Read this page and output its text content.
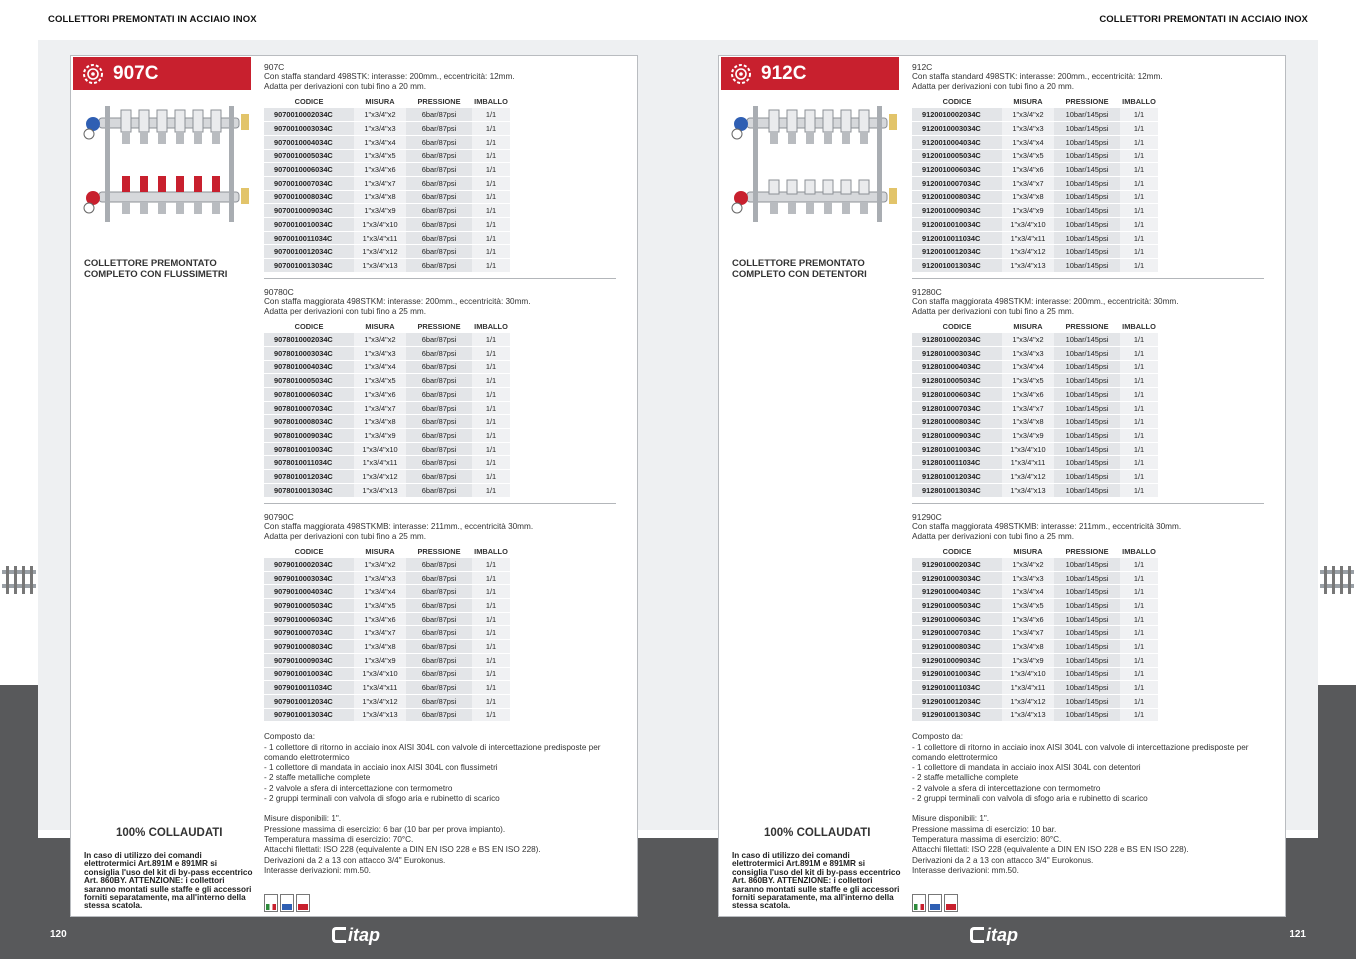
5	5
COLLETTORI PREMONTATI IN ACCIAIO INOX	COLLETTORI PREMONTATI IN ACCIAIO INOX
120	121
itap	itap
907C
COLLETTORE PREMONTATO COMPLETO CON FLUSSIMETRI
100% COLLAUDATI
In caso di utilizzo dei comandi elettrotermici Art.891M e 891MR si consiglia l'uso del kit di by-pass eccentrico Art. 860BY. ATTENZIONE: i collettori saranno montati sulle staffe e gli accessori forniti separatamente, ma all'interno della stessa scatola.
907C
Con staffa standard 498STK: interasse: 200mm., eccentricità: 12mm.
Adatta per derivazioni con tubi fino a 20 mm.
CODICE	MISURA	PRESSIONE	IMBALLO
9070010002034C	1"x3/4"x2	6bar/87psi	1/1
9070010003034C	1"x3/4"x3	6bar/87psi	1/1
9070010004034C	1"x3/4"x4	6bar/87psi	1/1
9070010005034C	1"x3/4"x5	6bar/87psi	1/1
9070010006034C	1"x3/4"x6	6bar/87psi	1/1
9070010007034C	1"x3/4"x7	6bar/87psi	1/1
9070010008034C	1"x3/4"x8	6bar/87psi	1/1
9070010009034C	1"x3/4"x9	6bar/87psi	1/1
9070010010034C	1"x3/4"x10	6bar/87psi	1/1
9070010011034C	1"x3/4"x11	6bar/87psi	1/1
9070010012034C	1"x3/4"x12	6bar/87psi	1/1
9070010013034C	1"x3/4"x13	6bar/87psi	1/1
90780C
Con staffa maggiorata 498STKM: interasse: 200mm., eccentricità: 30mm.
Adatta per derivazioni con tubi fino a 25 mm.
CODICE	MISURA	PRESSIONE	IMBALLO
9078010002034C	1"x3/4"x2	6bar/87psi	1/1
9078010003034C	1"x3/4"x3	6bar/87psi	1/1
9078010004034C	1"x3/4"x4	6bar/87psi	1/1
9078010005034C	1"x3/4"x5	6bar/87psi	1/1
9078010006034C	1"x3/4"x6	6bar/87psi	1/1
9078010007034C	1"x3/4"x7	6bar/87psi	1/1
9078010008034C	1"x3/4"x8	6bar/87psi	1/1
9078010009034C	1"x3/4"x9	6bar/87psi	1/1
9078010010034C	1"x3/4"x10	6bar/87psi	1/1
9078010011034C	1"x3/4"x11	6bar/87psi	1/1
9078010012034C	1"x3/4"x12	6bar/87psi	1/1
9078010013034C	1"x3/4"x13	6bar/87psi	1/1
90790C
Con staffa maggiorata 498STKMB: interasse: 211mm., eccentricità 30mm.
Adatta per derivazioni con tubi fino a 25 mm.
CODICE	MISURA	PRESSIONE	IMBALLO
9079010002034C	1"x3/4"x2	6bar/87psi	1/1
9079010003034C	1"x3/4"x3	6bar/87psi	1/1
9079010004034C	1"x3/4"x4	6bar/87psi	1/1
9079010005034C	1"x3/4"x5	6bar/87psi	1/1
9079010006034C	1"x3/4"x6	6bar/87psi	1/1
9079010007034C	1"x3/4"x7	6bar/87psi	1/1
9079010008034C	1"x3/4"x8	6bar/87psi	1/1
9079010009034C	1"x3/4"x9	6bar/87psi	1/1
9079010010034C	1"x3/4"x10	6bar/87psi	1/1
9079010011034C	1"x3/4"x11	6bar/87psi	1/1
9079010012034C	1"x3/4"x12	6bar/87psi	1/1
9079010013034C	1"x3/4"x13	6bar/87psi	1/1
Composto da:
- 1 collettore di ritorno in acciaio inox AISI 304L con valvole di intercettazione predisposte per comando elettrotermico
- 1 collettore di mandata in acciaio inox AISI 304L con flussimetri
- 2 staffe metalliche complete
- 2 valvole a sfera di intercettazione con termometro
- 2 gruppi terminali con valvola di sfogo aria e rubinetto di scarico
Misure disponibili: 1".
Pressione massima di esercizio: 6 bar (10 bar per prova impianto).
Temperatura massima di esercizio: 70°C.
Attacchi filettati: ISO 228 (equivalente a DIN EN ISO 228 e BS EN ISO 228).
Derivazioni da 2 a 13 con attacco 3/4" Eurokonus.
Interasse derivazioni: mm.50.
912C
COLLETTORE PREMONTATO COMPLETO CON DETENTORI
100% COLLAUDATI
In caso di utilizzo dei comandi elettrotermici Art.891M e 891MR si consiglia l'uso del kit di by-pass eccentrico Art. 860BY. ATTENZIONE: i collettori saranno montati sulle staffe e gli accessori forniti separatamente, ma all'interno della stessa scatola.
912C
Con staffa standard 498STK: interasse: 200mm., eccentricità: 12mm.
Adatta per derivazioni con tubi fino a 20 mm.
CODICE	MISURA	PRESSIONE	IMBALLO
9120010002034C	1"x3/4"x2	10bar/145psi	1/1
9120010003034C	1"x3/4"x3	10bar/145psi	1/1
9120010004034C	1"x3/4"x4	10bar/145psi	1/1
9120010005034C	1"x3/4"x5	10bar/145psi	1/1
9120010006034C	1"x3/4"x6	10bar/145psi	1/1
9120010007034C	1"x3/4"x7	10bar/145psi	1/1
9120010008034C	1"x3/4"x8	10bar/145psi	1/1
9120010009034C	1"x3/4"x9	10bar/145psi	1/1
9120010010034C	1"x3/4"x10	10bar/145psi	1/1
9120010011034C	1"x3/4"x11	10bar/145psi	1/1
9120010012034C	1"x3/4"x12	10bar/145psi	1/1
9120010013034C	1"x3/4"x13	10bar/145psi	1/1
91280C
Con staffa maggiorata 498STKM: interasse: 200mm., eccentricità: 30mm.
Adatta per derivazioni con tubi fino a 25 mm.
CODICE	MISURA	PRESSIONE	IMBALLO
9128010002034C	1"x3/4"x2	10bar/145psi	1/1
9128010003034C	1"x3/4"x3	10bar/145psi	1/1
9128010004034C	1"x3/4"x4	10bar/145psi	1/1
9128010005034C	1"x3/4"x5	10bar/145psi	1/1
9128010006034C	1"x3/4"x6	10bar/145psi	1/1
9128010007034C	1"x3/4"x7	10bar/145psi	1/1
9128010008034C	1"x3/4"x8	10bar/145psi	1/1
9128010009034C	1"x3/4"x9	10bar/145psi	1/1
9128010010034C	1"x3/4"x10	10bar/145psi	1/1
9128010011034C	1"x3/4"x11	10bar/145psi	1/1
9128010012034C	1"x3/4"x12	10bar/145psi	1/1
9128010013034C	1"x3/4"x13	10bar/145psi	1/1
91290C
Con staffa maggiorata 498STKMB: interasse: 211mm., eccentricità 30mm.
Adatta per derivazioni con tubi fino a 25 mm.
CODICE	MISURA	PRESSIONE	IMBALLO
9129010002034C	1"x3/4"x2	10bar/145psi	1/1
9129010003034C	1"x3/4"x3	10bar/145psi	1/1
9129010004034C	1"x3/4"x4	10bar/145psi	1/1
9129010005034C	1"x3/4"x5	10bar/145psi	1/1
9129010006034C	1"x3/4"x6	10bar/145psi	1/1
9129010007034C	1"x3/4"x7	10bar/145psi	1/1
9129010008034C	1"x3/4"x8	10bar/145psi	1/1
9129010009034C	1"x3/4"x9	10bar/145psi	1/1
9129010010034C	1"x3/4"x10	10bar/145psi	1/1
9129010011034C	1"x3/4"x11	10bar/145psi	1/1
9129010012034C	1"x3/4"x12	10bar/145psi	1/1
9129010013034C	1"x3/4"x13	10bar/145psi	1/1
Composto da:
- 1 collettore di ritorno in acciaio inox AISI 304L con valvole di intercettazione predisposte per comando elettrotermico
- 1 collettore di mandata in acciaio inox AISI 304L con detentori
- 2 staffe metalliche complete
- 2 valvole a sfera di intercettazione con termometro
- 2 gruppi terminali con valvola di sfogo aria e rubinetto di scarico
Misure disponibili: 1".
Pressione massima di esercizio: 10 bar.
Temperatura massima di esercizio: 80°C.
Attacchi filettati: ISO 228 (equivalente a DIN EN ISO 228 e BS EN ISO 228).
Derivazioni da 2 a 13 con attacco 3/4" Eurokonus.
Interasse derivazioni: mm.50.
